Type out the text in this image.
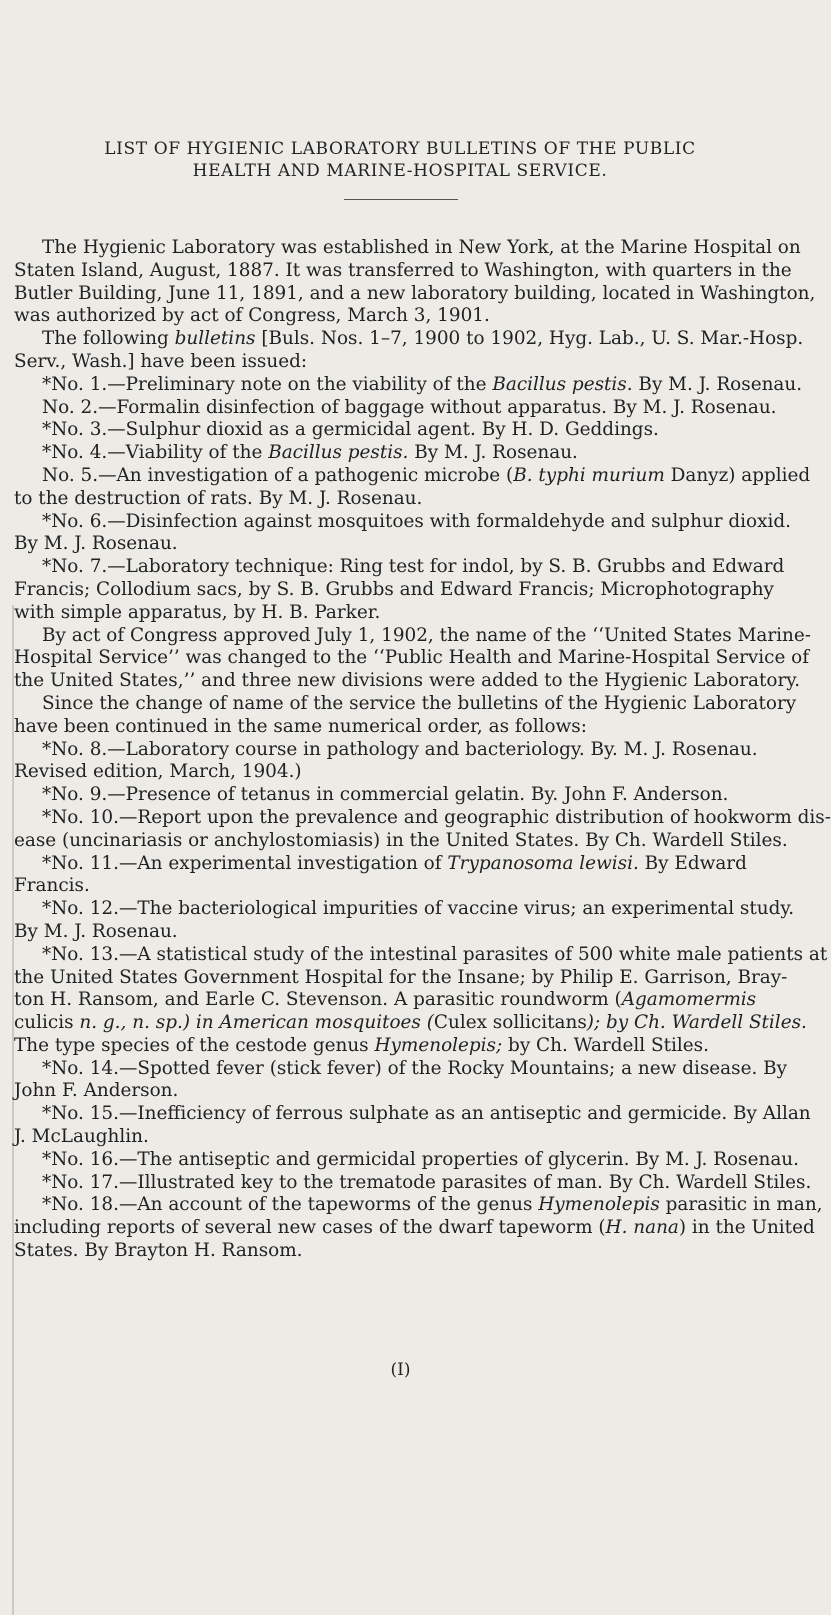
LIST OF HYGIENIC LABORATORY BULLETINS OF THE PUBLIC
HEALTH AND MARINE-HOSPITAL SERVICE.
The Hygienic Laboratory was established in New York, at the Marine Hospital on
Staten Island, August, 1887. It was transferred to Washington, with quarters in the
Butler Building, June 11, 1891, and a new laboratory building, located in Washington,
was authorized by act of Congress, March 3, 1901.
The following bulletins [Buls. Nos. 1–7, 1900 to 1902, Hyg. Lab., U. S. Mar.-Hosp.
Serv., Wash.] have been issued:
*No. 1.—Preliminary note on the viability of the Bacillus pestis. By M. J. Rosenau.
No. 2.—Formalin disinfection of baggage without apparatus. By M. J. Rosenau.
*No. 3.—Sulphur dioxid as a germicidal agent. By H. D. Geddings.
*No. 4.—Viability of the Bacillus pestis. By M. J. Rosenau.
No. 5.—An investigation of a pathogenic microbe (B. typhi murium Danyz) applied
to the destruction of rats. By M. J. Rosenau.
*No. 6.—Disinfection against mosquitoes with formaldehyde and sulphur dioxid.
By M. J. Rosenau.
*No. 7.—Laboratory technique: Ring test for indol, by S. B. Grubbs and Edward
Francis; Collodium sacs, by S. B. Grubbs and Edward Francis; Microphotography
with simple apparatus, by H. B. Parker.
By act of Congress approved July 1, 1902, the name of the ‘‘United States Marine-
Hospital Service’’ was changed to the ‘‘Public Health and Marine-Hospital Service of
the United States,’’ and three new divisions were added to the Hygienic Laboratory.
Since the change of name of the service the bulletins of the Hygienic Laboratory
have been continued in the same numerical order, as follows:
*No. 8.—Laboratory course in pathology and bacteriology. By. M. J. Rosenau.
Revised edition, March, 1904.)
*No. 9.—Presence of tetanus in commercial gelatin. By. John F. Anderson.
*No. 10.—Report upon the prevalence and geographic distribution of hookworm dis-
ease (uncinariasis or anchylostomiasis) in the United States. By Ch. Wardell Stiles.
*No. 11.—An experimental investigation of Trypanosoma lewisi. By Edward
Francis.
*No. 12.—The bacteriological impurities of vaccine virus; an experimental study.
By M. J. Rosenau.
*No. 13.—A statistical study of the intestinal parasites of 500 white male patients at
the United States Government Hospital for the Insane; by Philip E. Garrison, Bray-
ton H. Ransom, and Earle C. Stevenson. A parasitic roundworm (Agamomermis
culicis n. g., n. sp.) in American mosquitoes (Culex sollicitans); by Ch. Wardell Stiles.
The type species of the cestode genus Hymenolepis; by Ch. Wardell Stiles.
*No. 14.—Spotted fever (stick fever) of the Rocky Mountains; a new disease. By
John F. Anderson.
*No. 15.—Inefficiency of ferrous sulphate as an antiseptic and germicide. By Allan
J. McLaughlin.
*No. 16.—The antiseptic and germicidal properties of glycerin. By M. J. Rosenau.
*No. 17.—Illustrated key to the trematode parasites of man. By Ch. Wardell Stiles.
*No. 18.—An account of the tapeworms of the genus Hymenolepis parasitic in man,
including reports of several new cases of the dwarf tapeworm (H. nana) in the United
States. By Brayton H. Ransom.
(I)
